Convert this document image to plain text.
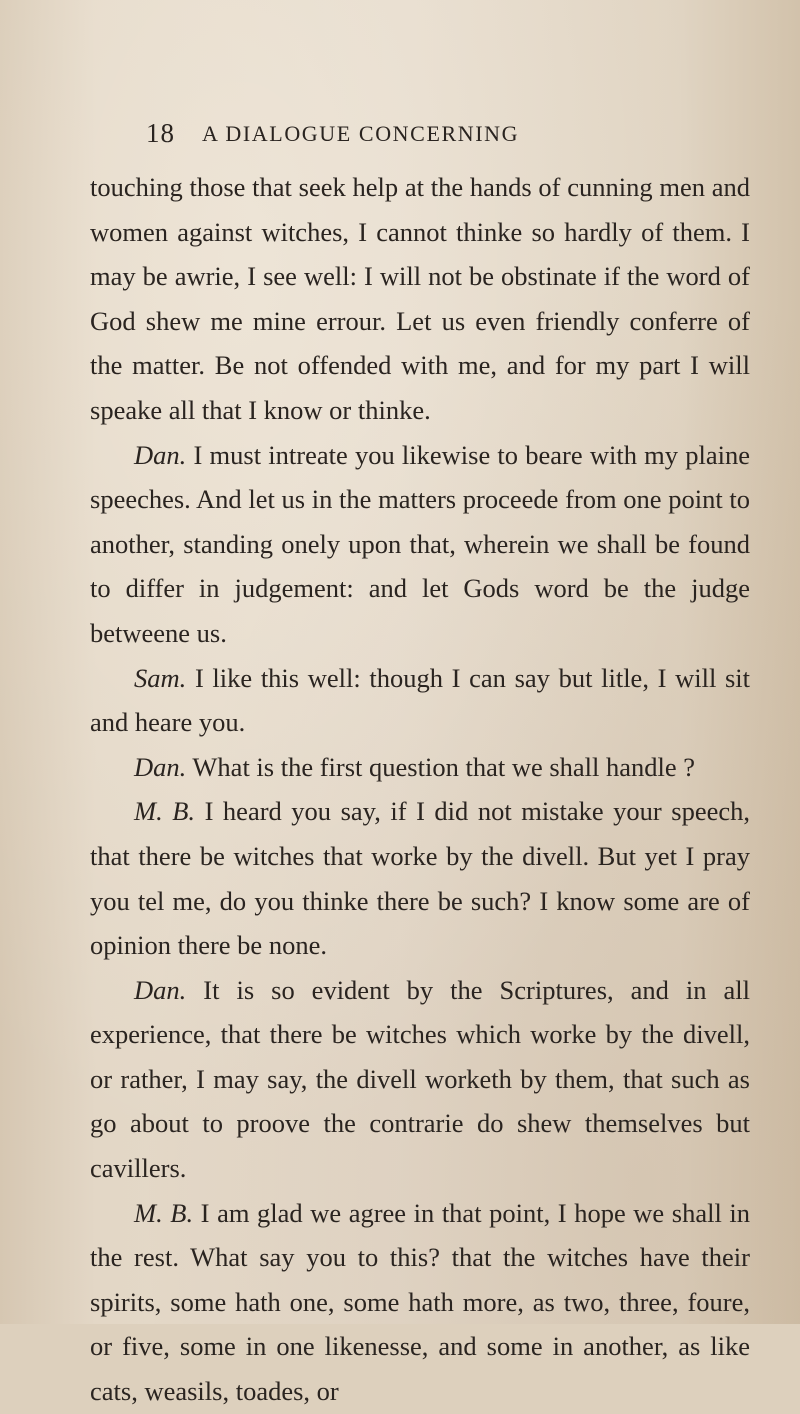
18 A DIALOGUE CONCERNING

touching those that seek help at the hands of cunning men and women against witches, I cannot thinke so hardly of them. I may be awrie, I see well: I will not be obstinate if the word of God shew me mine errour. Let us even friendly conferre of the matter. Be not offended with me, and for my part I will speake all that I know or thinke.

Dan. I must intreate you likewise to beare with my plaine speeches. And let us in the matters proceede from one point to another, standing onely upon that, wherein we shall be found to differ in judgement: and let Gods word be the judge betweene us.

Sam. I like this well: though I can say but litle, I will sit and heare you.

Dan. What is the first question that we shall handle ?

M. B. I heard you say, if I did not mistake your speech, that there be witches that worke by the divell. But yet I pray you tel me, do you thinke there be such? I know some are of opinion there be none.

Dan. It is so evident by the Scriptures, and in all experience, that there be witches which worke by the divell, or rather, I may say, the divell worketh by them, that such as go about to proove the contrarie do shew themselves but cavillers.

M. B. I am glad we agree in that point, I hope we shall in the rest. What say you to this? that the witches have their spirits, some hath one, some hath more, as two, three, foure, or five, some in one likenesse, and some in another, as like cats, weasils, toades, or
